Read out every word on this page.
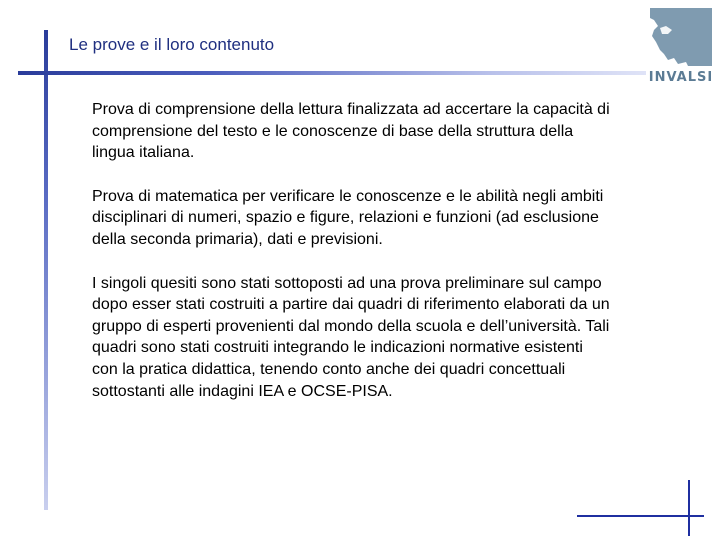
Le prove e il loro contenuto
INVALSI

Prova di comprensione della lettura finalizzata ad accertare la capacità di comprensione del testo e le conoscenze di base della struttura della lingua italiana.

Prova di matematica per verificare le conoscenze e le abilità negli ambiti disciplinari di numeri, spazio e figure, relazioni e funzioni (ad esclusione della seconda primaria), dati e previsioni.

I singoli quesiti sono stati sottoposti ad una prova preliminare sul campo dopo esser stati costruiti a partire dai quadri di riferimento elaborati da un gruppo di esperti provenienti dal mondo della scuola e dell’università. Tali quadri sono stati costruiti integrando le indicazioni normative esistenti con la pratica didattica, tenendo conto anche dei quadri concettuali sottostanti alle indagini IEA e OCSE-PISA.
